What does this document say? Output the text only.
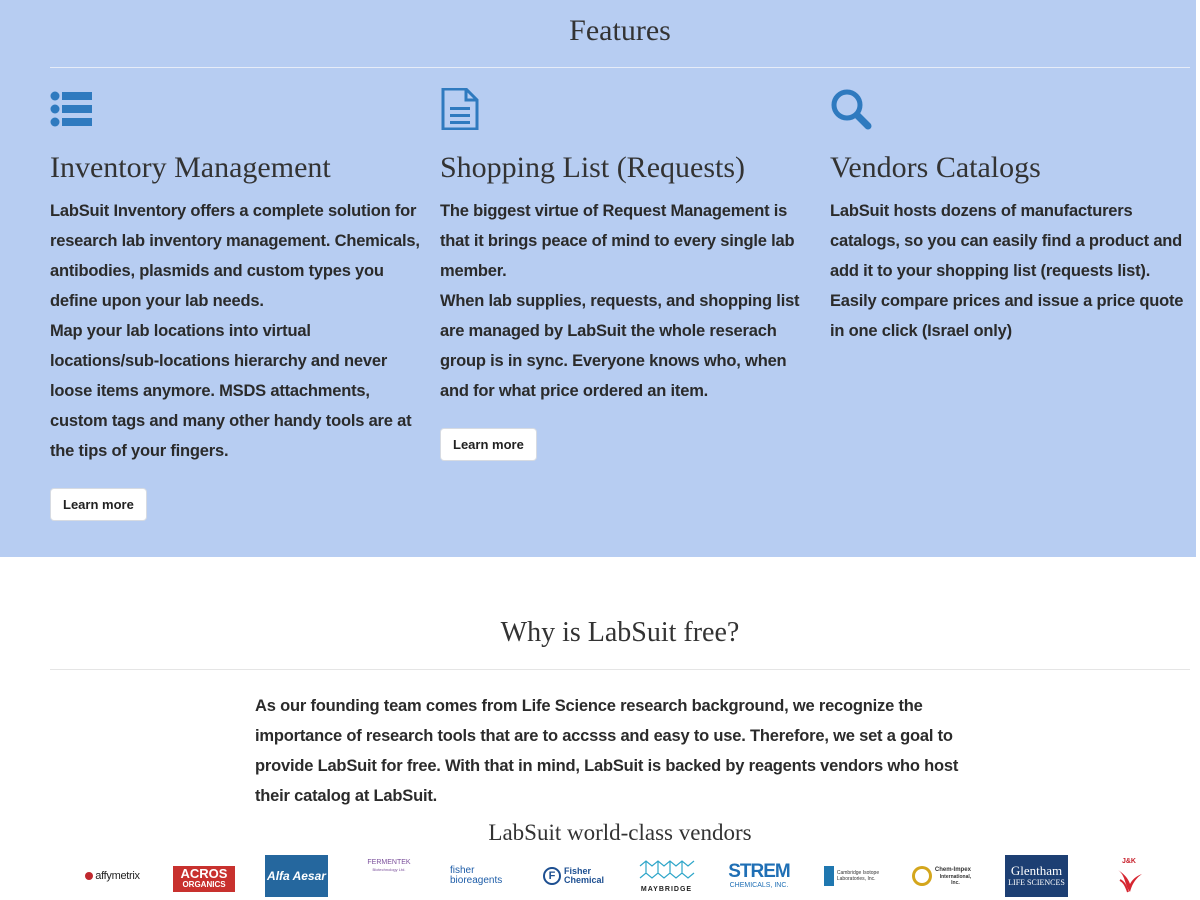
Features
Inventory Management
LabSuit Inventory offers a complete solution for research lab inventory management. Chemicals, antibodies, plasmids and custom types you define upon your lab needs.
Map your lab locations into virtual locations/sub-locations hierarchy and never loose items anymore. MSDS attachments, custom tags and many other handy tools are at the tips of your fingers.
Learn more
Shopping List (Requests)
The biggest virtue of Request Management is that it brings peace of mind to every single lab member.
When lab supplies, requests, and shopping list are managed by LabSuit the whole reserach group is in sync. Everyone knows who, when and for what price ordered an item.
Learn more
Vendors Catalogs
LabSuit hosts dozens of manufacturers catalogs, so you can easily find a product and add it to your shopping list (requests list).
Easily compare prices and issue a price quote in one click (Israel only)
Why is LabSuit free?
As our founding team comes from Life Science research background, we recognize the importance of research tools that are to accsss and easy to use. Therefore, we set a goal to provide LabSuit for free. With that in mind, LabSuit is backed by reagents vendors who host their catalog at LabSuit.
LabSuit world-class vendors
affymetrix	ACROS
ORGANICS
Alfa Aesar
FERMENTEK
Biotechnology Ltd.	fisher
bioreagents	F Fisher
Chemical
MAYBRIDGE
STREM
CHEMICALS, INC.
Cambridge Isotope
Laboratories, Inc.
Chem-Impex
International, Inc.
Glentham
LIFE SCIENCES
J&K
